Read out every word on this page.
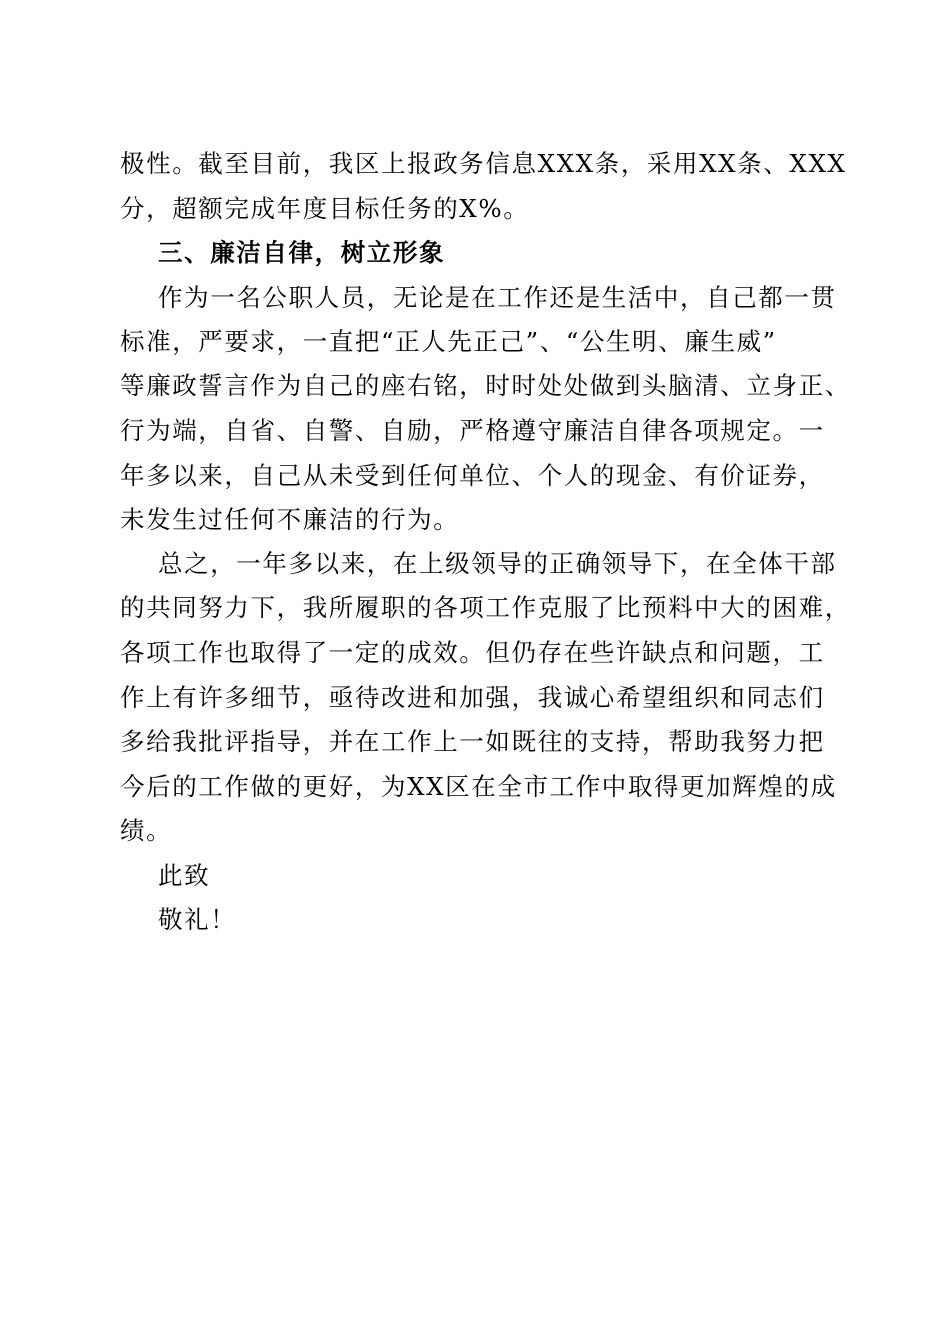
极性。截至目前，我区上报政务信息XXX条，采用XX条、XXX
分，超额完成年度目标任务的X%。
三、廉洁自律，树立形象
作为一名公职人员，无论是在工作还是生活中，自己都一贯
标准，严要求，一直把“正人先正己”、“公生明、廉生威”
等廉政誓言作为自己的座右铭，时时处处做到头脑清、立身正、
行为端，自省、自警、自励，严格遵守廉洁自律各项规定。一
年多以来，自己从未受到任何单位、个人的现金、有价证券，
未发生过任何不廉洁的行为。
总之，一年多以来，在上级领导的正确领导下，在全体干部
的共同努力下，我所履职的各项工作克服了比预料中大的困难，
各项工作也取得了一定的成效。但仍存在些许缺点和问题，工
作上有许多细节，亟待改进和加强，我诚心希望组织和同志们
多给我批评指导，并在工作上一如既往的支持，帮助我努力把
今后的工作做的更好，为XX区在全市工作中取得更加辉煌的成
绩。
此致
敬礼！
